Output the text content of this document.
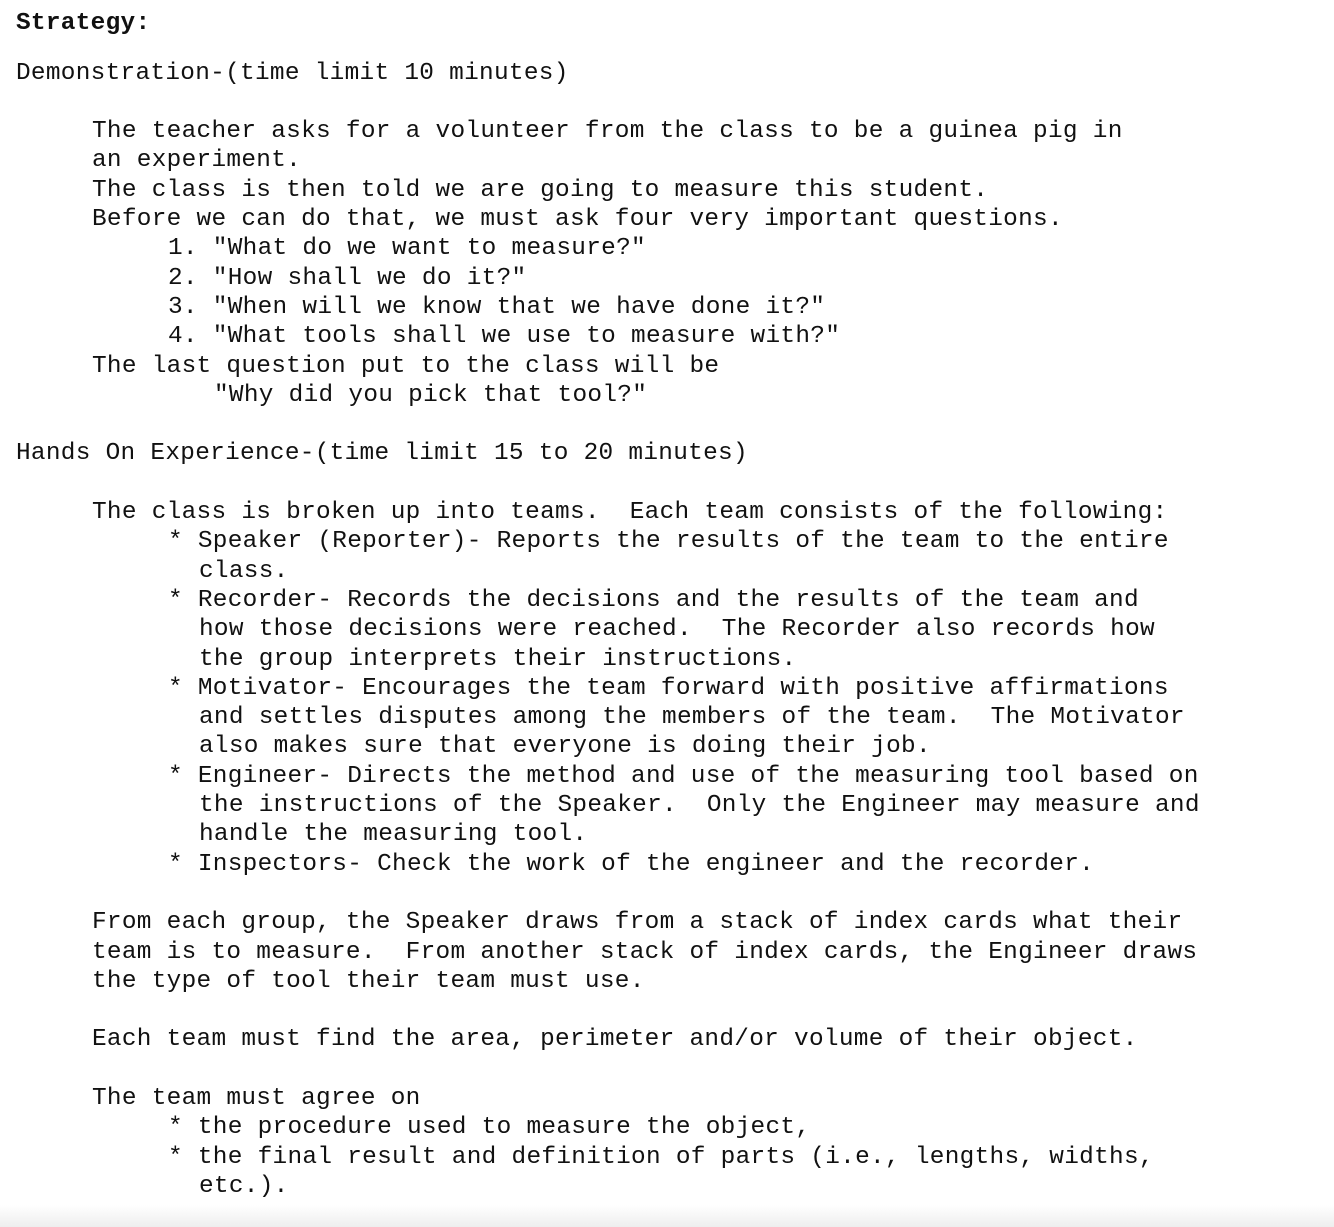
Strategy:
Demonstration-(time limit 10 minutes)
The teacher asks for a volunteer from the class to be a guinea pig in
an experiment.
The class is then told we are going to measure this student.
Before we can do that, we must ask four very important questions.
1. "What do we want to measure?"
2. "How shall we do it?"
3. "When will we know that we have done it?"
4. "What tools shall we use to measure with?"
The last question put to the class will be
"Why did you pick that tool?"
Hands On Experience-(time limit 15 to 20 minutes)
The class is broken up into teams.  Each team consists of the following:
* Speaker (Reporter)- Reports the results of the team to the entire
class.
* Recorder- Records the decisions and the results of the team and
how those decisions were reached.  The Recorder also records how
the group interprets their instructions.
* Motivator- Encourages the team forward with positive affirmations
and settles disputes among the members of the team.  The Motivator
also makes sure that everyone is doing their job.
* Engineer- Directs the method and use of the measuring tool based on
the instructions of the Speaker.  Only the Engineer may measure and
handle the measuring tool.
* Inspectors- Check the work of the engineer and the recorder.
From each group, the Speaker draws from a stack of index cards what their
team is to measure.  From another stack of index cards, the Engineer draws
the type of tool their team must use.
Each team must find the area, perimeter and/or volume of their object.
The team must agree on
* the procedure used to measure the object,
* the final result and definition of parts (i.e., lengths, widths,
etc.).
